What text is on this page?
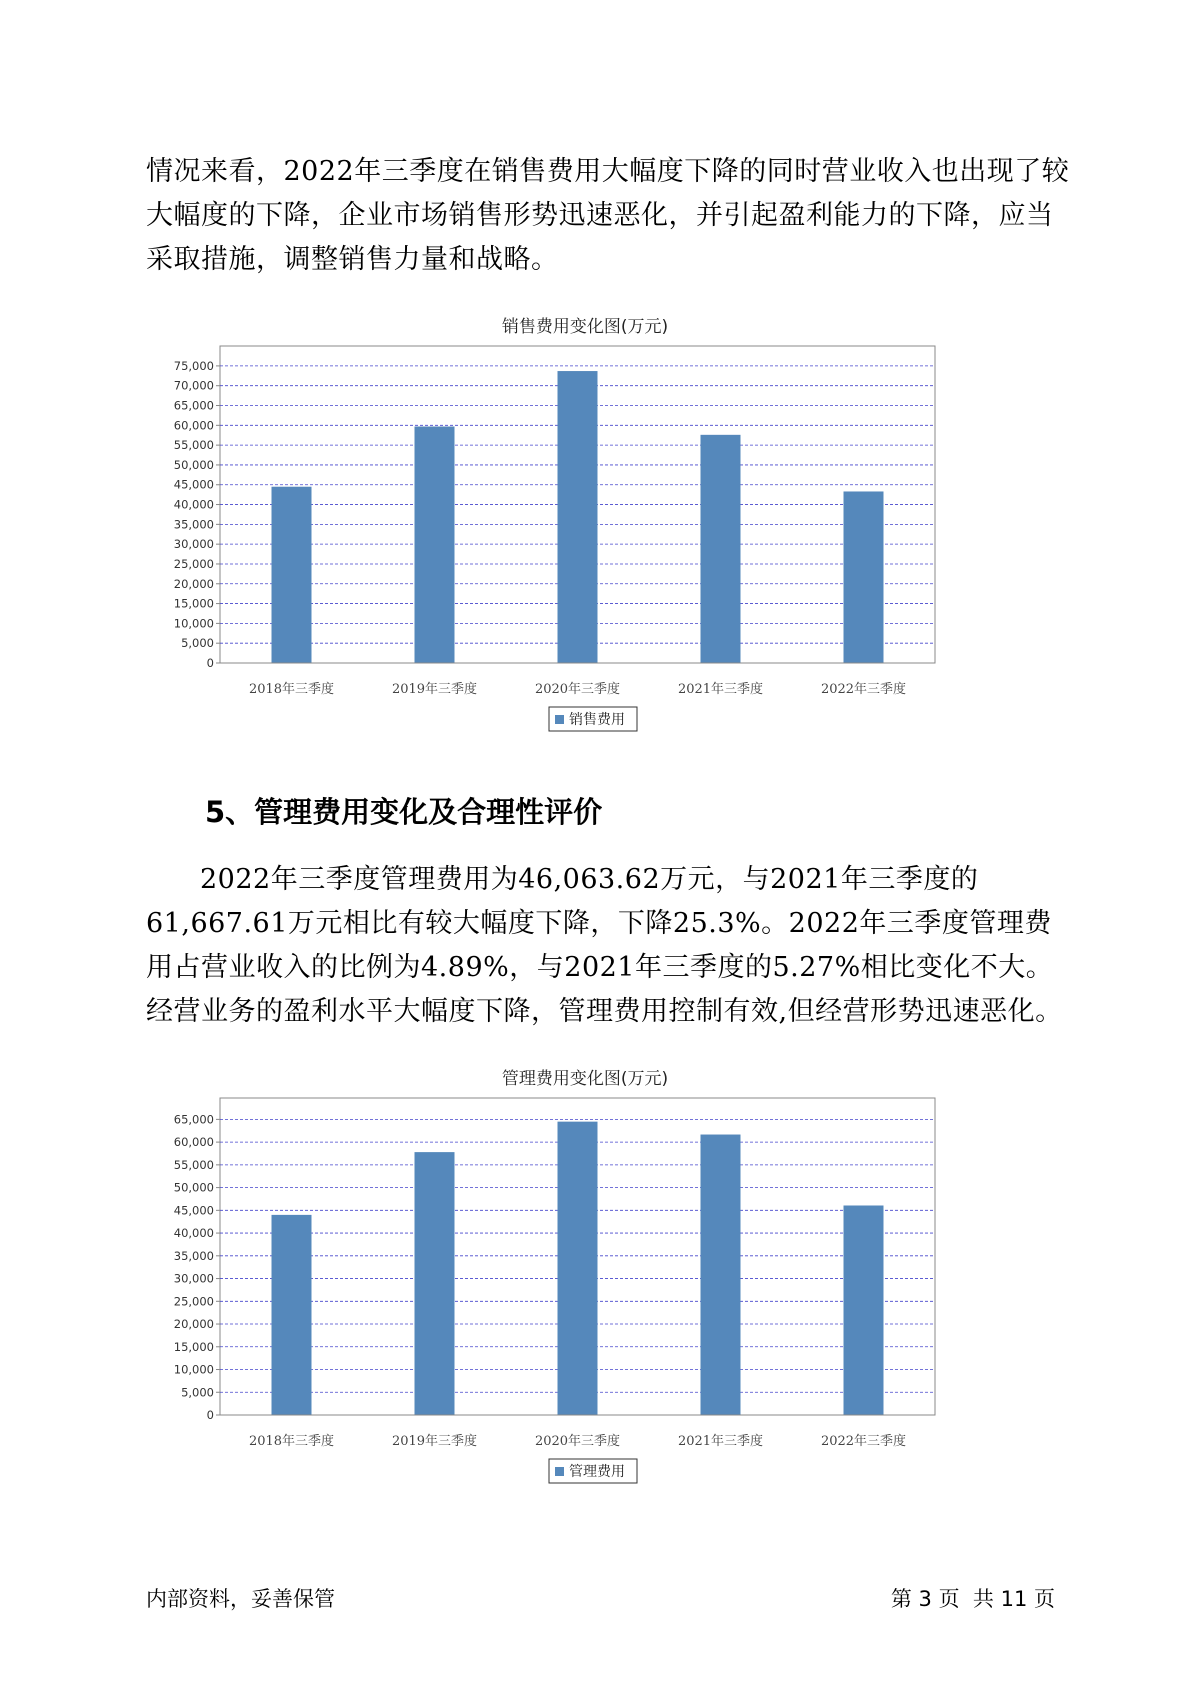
情况来看，2022年三季度在销售费用大幅度下降的同时营业收入也出现了较大幅度的下降，企业市场销售形势迅速恶化，并引起盈利能力的下降，应当采取措施，调整销售力量和战略。

销售费用变化图(万元)
0
5,000
10,000
15,000
20,000
25,000
30,000
35,000
40,000
45,000
50,000
55,000
60,000
65,000
70,000
75,000
2018年三季度	2019年三季度	2020年三季度	2021年三季度	2022年三季度
销售费用
5、管理费用变化及合理性评价

2022年三季度管理费用为46,063.62万元，与2021年三季度的61,667.61万元相比有较大幅度下降，下降25.3%。2022年三季度管理费用占营业收入的比例为4.89%，与2021年三季度的5.27%相比变化不大。经营业务的盈利水平大幅度下降，管理费用控制有效,但经营形势迅速恶化。

管理费用变化图(万元)
0
5,000
10,000
15,000
20,000
25,000
30,000
35,000
40,000
45,000
50,000
55,000
60,000
65,000
2018年三季度	2019年三季度	2020年三季度	2021年三季度	2022年三季度
管理费用
内部资料，妥善保管	第 3 页  共 11 页
